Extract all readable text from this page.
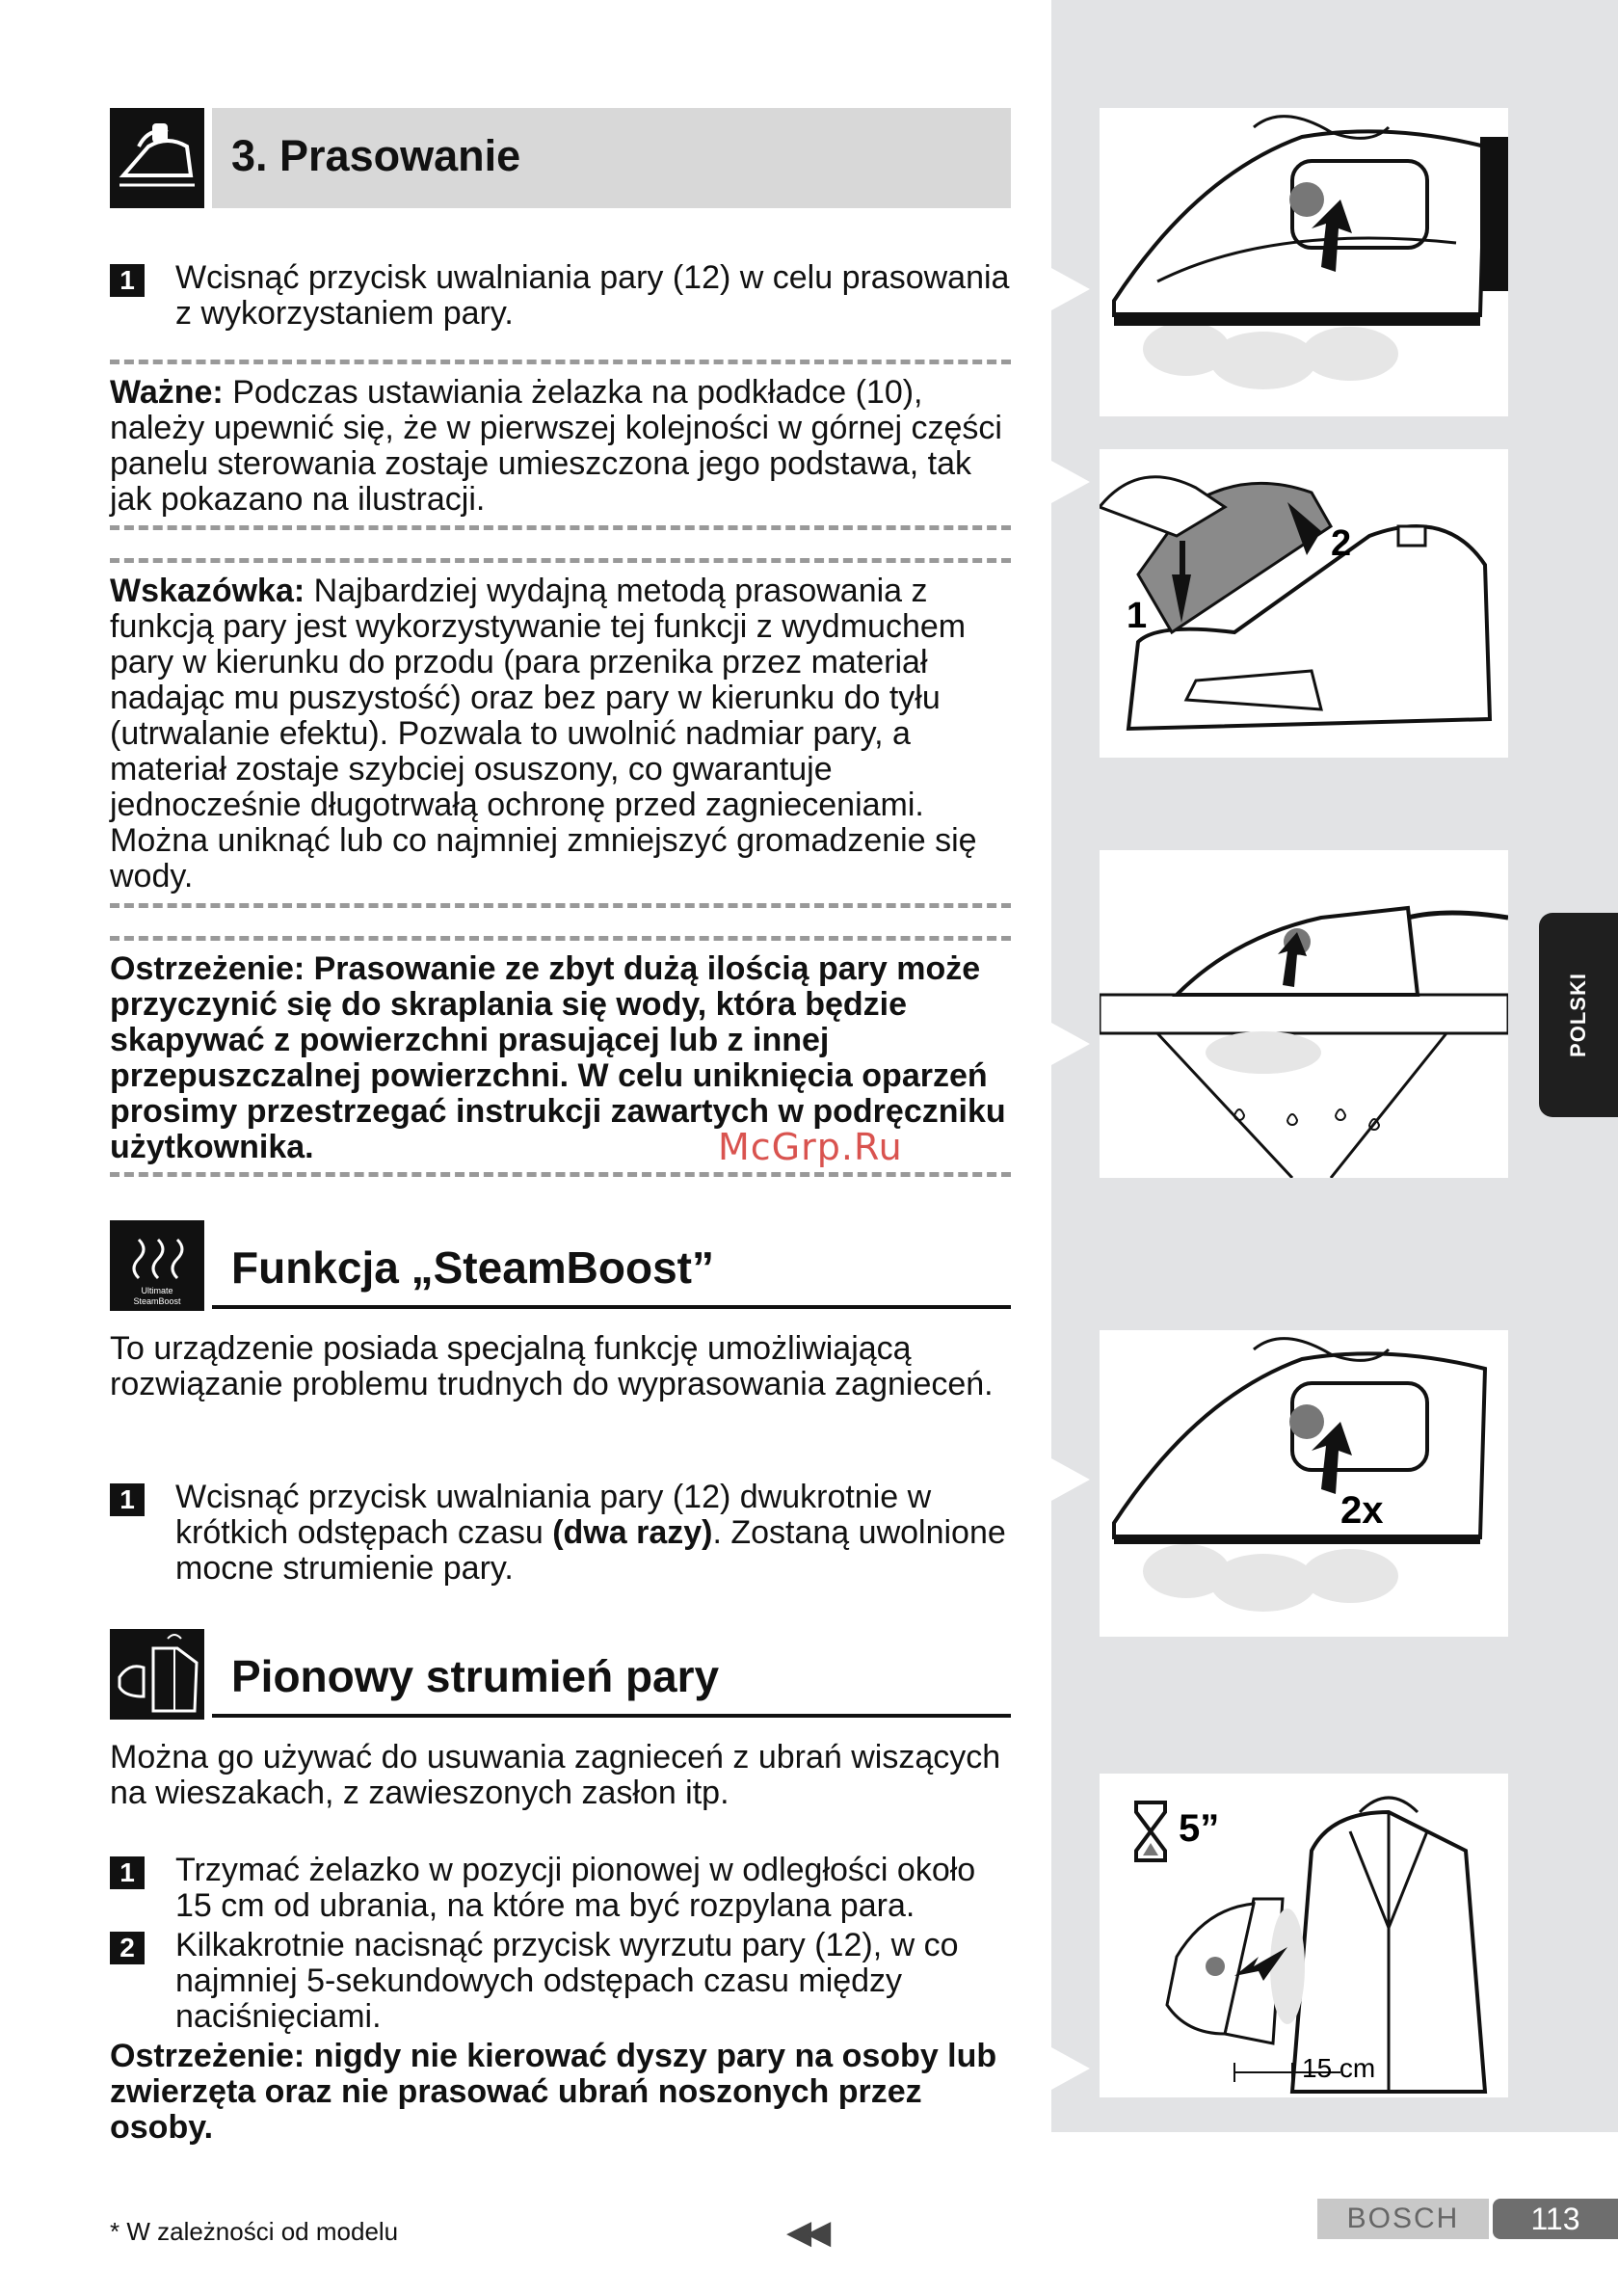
1
2
2x
5”
15 cm
POLSKI
3. Prasowanie
1	Wcisnąć przycisk uwalniania pary (12) w celu prasowania z wykorzystaniem pary.
Ważne: Podczas ustawiania żelazka na podkładce (10), należy upewnić się, że w pierwszej kolejności w górnej części panelu sterowania zostaje umieszczona jego podstawa, tak jak pokazano na ilustracji.
Wskazówka: Najbardziej wydajną metodą prasowania z funkcją pary jest wykorzystywanie tej funkcji z wydmuchem pary w kierunku do przodu (para przenika przez materiał nadając mu puszystość) oraz bez pary w kierunku do tyłu (utrwalanie efektu). Pozwala to uwolnić nadmiar pary, a materiał zostaje szybciej osuszony, co gwarantuje jednocześnie długotrwałą ochronę przed zagnieceniami. Można uniknąć lub co najmniej zmniejszyć gromadzenie się wody.
Ostrzeżenie: Prasowanie ze zbyt dużą ilością pary może przyczynić się do skraplania się wody, która będzie skapywać z powierzchni prasującej lub z innej przepuszczalnej powierzchni. W celu uniknięcia oparzeń prosimy przestrzegać instrukcji zawartych w podręczniku użytkownika.	McGrp.Ru
Ultimate
SteamBoost
Funkcja „SteamBoost”
To urządzenie posiada specjalną funkcję umożliwiającą rozwiązanie problemu trudnych do wyprasowania zagnieceń.
1	Wcisnąć przycisk uwalniania pary (12) dwukrotnie w krótkich odstępach czasu (dwa razy). Zostaną uwolnione mocne strumienie pary.
Pionowy strumień pary
Można go używać do usuwania zagnieceń z ubrań wiszących na wieszakach, z zawieszonych zasłon itp.
1	Trzymać żelazko w pozycji pionowej w odległości około 15 cm od ubrania, na które ma być rozpylana para.
2	Kilkakrotnie nacisnąć przycisk wyrzutu pary (12), w co najmniej 5-sekundowych odstępach czasu między naciśnięciami.
Ostrzeżenie: nigdy nie kierować dyszy pary na osoby lub zwierzęta oraz nie prasować ubrań noszonych przez osoby.
* W zależności od modelu	◀◀	BOSCH	113
